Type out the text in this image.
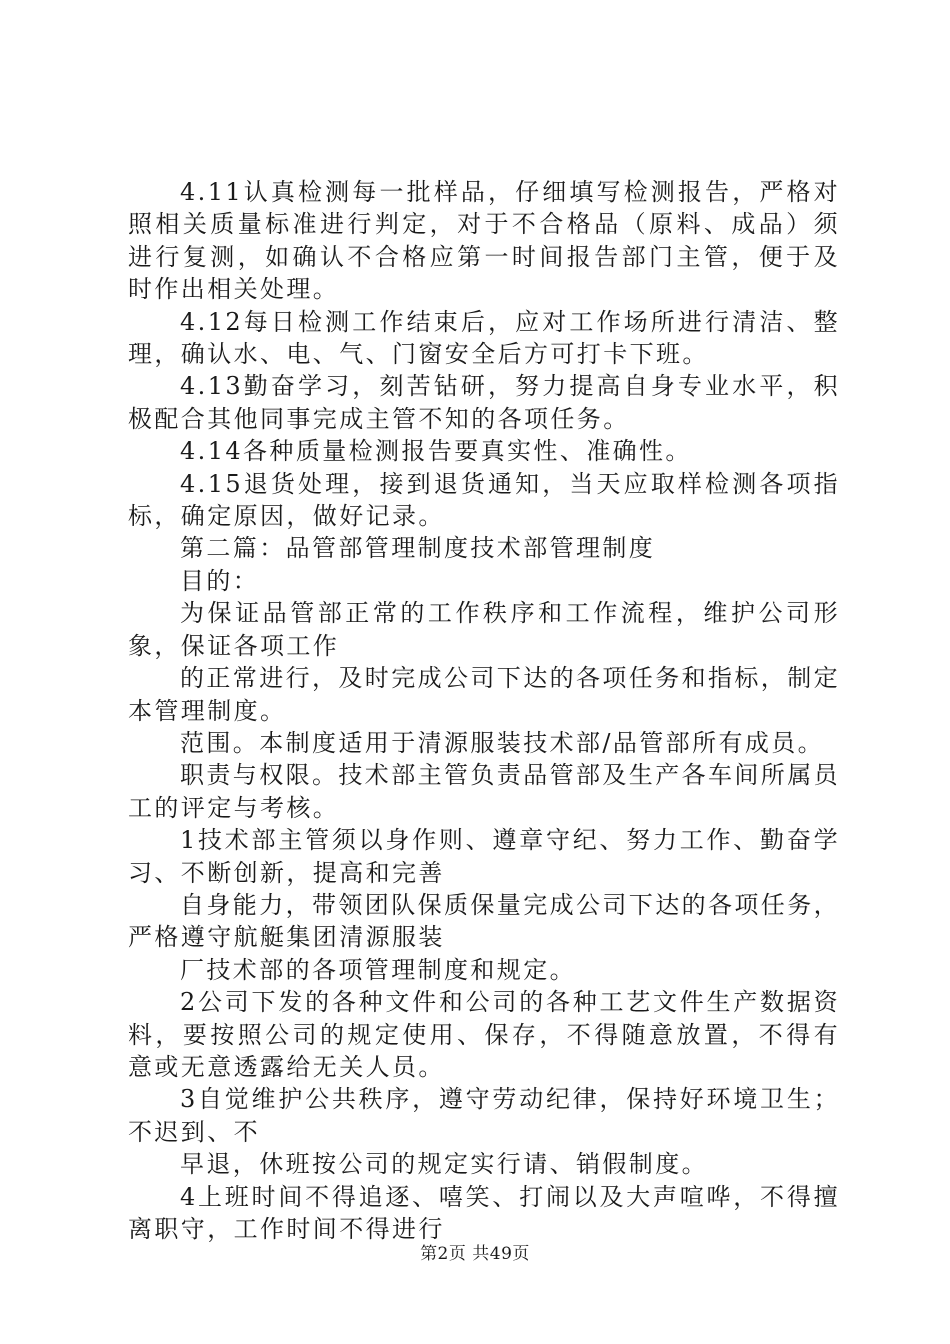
4.11认真检测每一批样品，仔细填写检测报告，严格对照相关质量标准进行判定，对于不合格品（原料、成品）须进行复测，如确认不合格应第一时间报告部门主管，便于及时作出相关处理。

4.12每日检测工作结束后，应对工作场所进行清洁、整理，确认水、电、气、门窗安全后方可打卡下班。

4.13勤奋学习，刻苦钻研，努力提高自身专业水平，积极配合其他同事完成主管不知的各项任务。

4.14各种质量检测报告要真实性、准确性。

4.15退货处理，接到退货通知，当天应取样检测各项指标，确定原因，做好记录。

第二篇：品管部管理制度技术部管理制度

目的：

为保证品管部正常的工作秩序和工作流程，维护公司形象，保证各项工作

的正常进行，及时完成公司下达的各项任务和指标，制定本管理制度。

范围。本制度适用于清源服装技术部/品管部所有成员。

职责与权限。技术部主管负责品管部及生产各车间所属员工的评定与考核。

1技术部主管须以身作则、遵章守纪、努力工作、勤奋学习、不断创新，提高和完善

自身能力，带领团队保质保量完成公司下达的各项任务，严格遵守航艇集团清源服装

厂技术部的各项管理制度和规定。

2公司下发的各种文件和公司的各种工艺文件生产数据资料，要按照公司的规定使用、保存，不得随意放置，不得有意或无意透露给无关人员。

3自觉维护公共秩序，遵守劳动纪律，保持好环境卫生；不迟到、不

早退，休班按公司的规定实行请、销假制度。

4上班时间不得追逐、嘻笑、打闹以及大声喧哗，不得擅离职守，工作时间不得进行

第2页 共49页
